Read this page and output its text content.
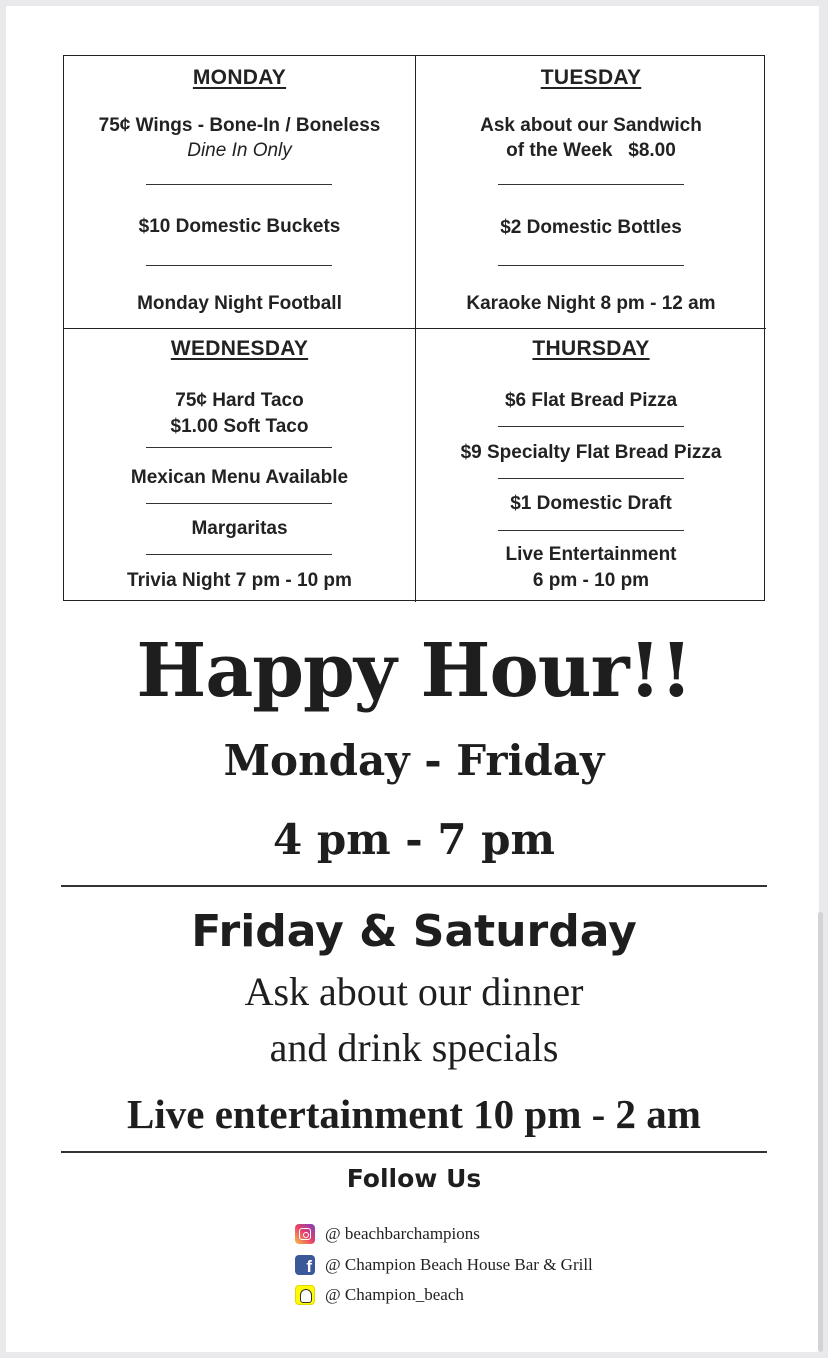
MONDAY
75¢ Wings - Bone-In / Boneless
Dine In Only
$10 Domestic Buckets
Monday Night Football
TUESDAY
Ask about our Sandwich
of the Week   $8.00
$2 Domestic Bottles
Karaoke Night 8 pm - 12 am
WEDNESDAY
75¢ Hard Taco
$1.00 Soft Taco
Mexican Menu Available
Margaritas
Trivia Night 7 pm - 10 pm
THURSDAY
$6 Flat Bread Pizza
$9 Specialty Flat Bread Pizza
$1 Domestic Draft
Live Entertainment
6 pm - 10 pm
Happy Hour!!
Monday - Friday
4 pm - 7 pm
Friday & Saturday
Ask about our dinner
and drink specials
Live entertainment 10 pm - 2 am
Follow Us
@ beachbarchampions
f @ Champion Beach House Bar & Grill
@ Champion_beach
